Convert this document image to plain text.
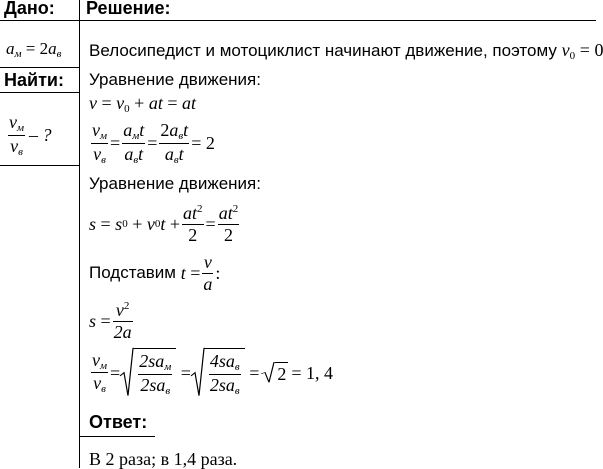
Дано: Решение:
Найти:
Ответ:
$a_м = 2a_в$
$\frac{v_м}{v_в}$ – ?
Велосипедист и мотоциклист начинают движение, поэтому $v_0 = 0$
Уравнение движения:
$v = v_0$ + at = at
$\frac{v_м}{v_в} = \frac{a_мt}{a_вt} = \frac{2a_вt}{a_вt} = 2$
Уравнение движения:
s
=
s 0
+
v 0 t
+ $\frac{at^2}{2} = \frac{at^2}{2}$
Подставим
t
= $\frac{v}{a}$ :
s
= $\frac{v^2}{2a}$
$\frac{v_м}{v_в} = \frac{2sa_м}{2sa_в} = \frac{4sa_в}{2sa_в}$ =	2 = 1, 4
В 2 раза; в 1,4 раза.
